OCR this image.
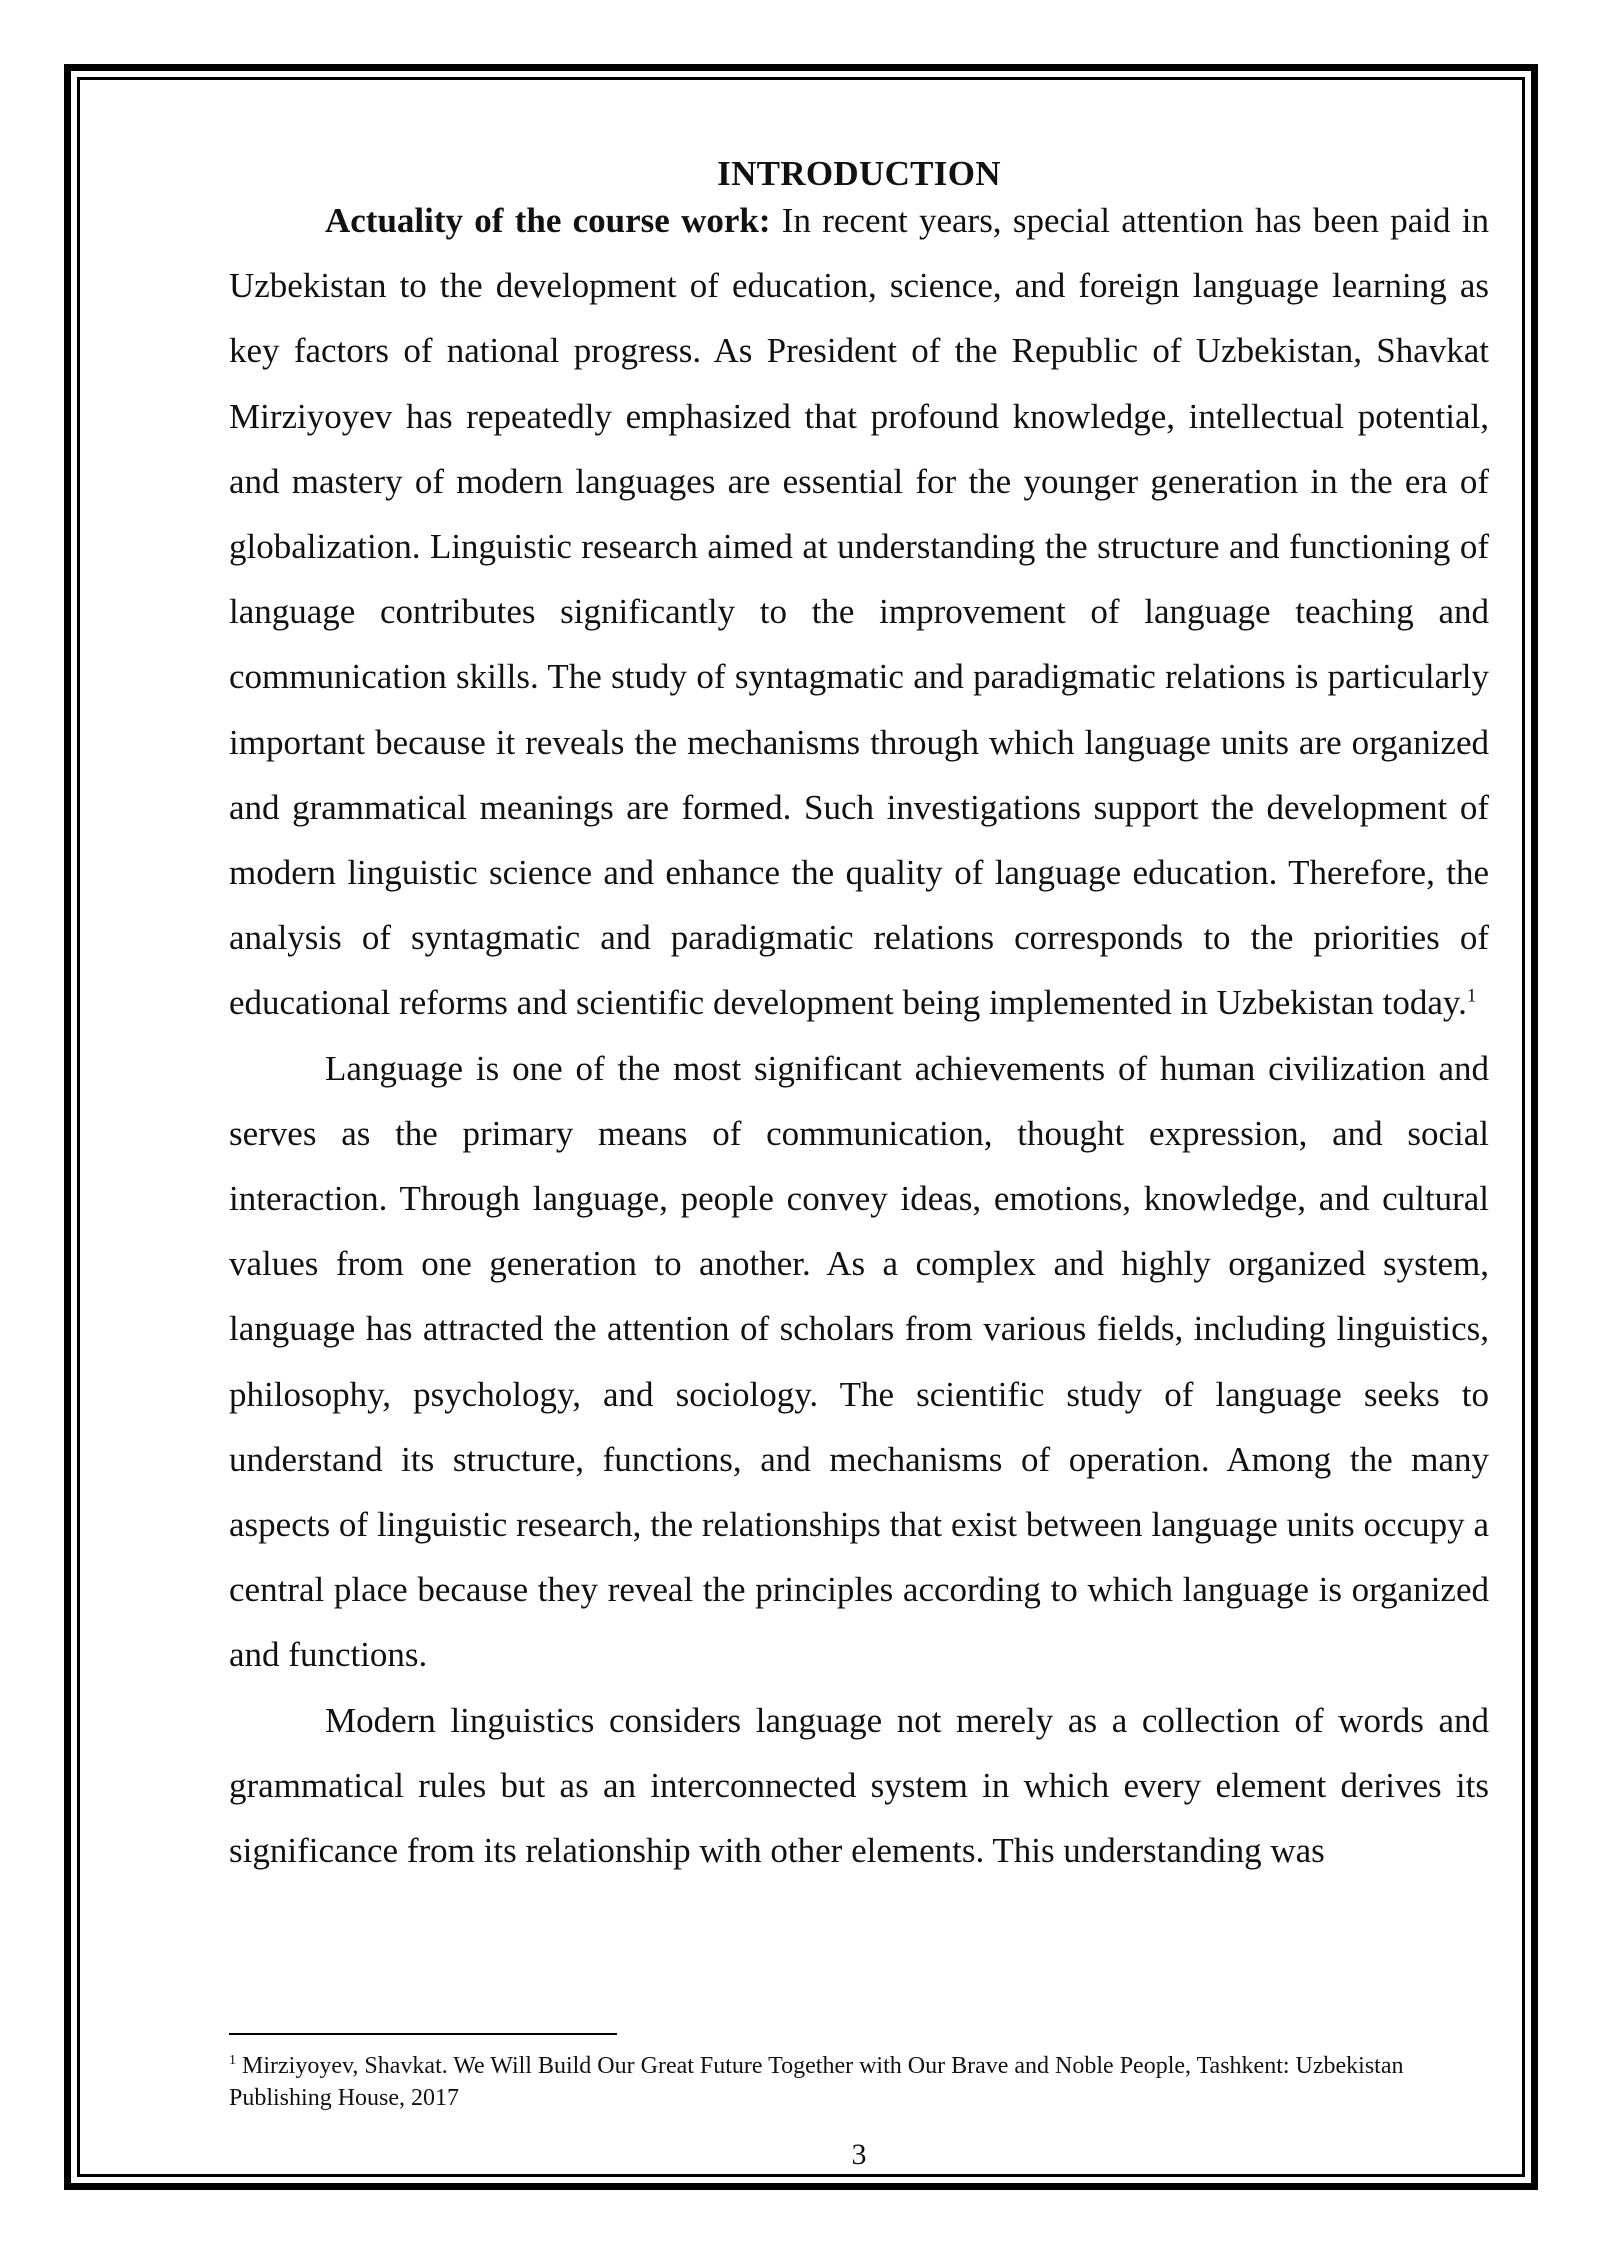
INTRODUCTION

Actuality of the course work: In recent years, special attention has been paid in Uzbekistan to the development of education, science, and foreign language learning as key factors of national progress. As President of the Republic of Uzbekistan, Shavkat Mirziyoyev has repeatedly emphasized that profound knowledge, intellectual potential, and mastery of modern languages are essential for the younger generation in the era of globalization. Linguistic research aimed at understanding the structure and functioning of language contributes significantly to the improvement of language teaching and communication skills. The study of syntagmatic and paradigmatic relations is particularly important because it reveals the mechanisms through which language units are organized and grammatical meanings are formed. Such investigations support the development of modern linguistic science and enhance the quality of language education. Therefore, the analysis of syntagmatic and paradigmatic relations corresponds to the priorities of educational reforms and scientific development being implemented in Uzbekistan today.$^1$

Language is one of the most significant achievements of human civilization and serves as the primary means of communication, thought expression, and social interaction. Through language, people convey ideas, emotions, knowledge, and cultural values from one generation to another. As a complex and highly organized system, language has attracted the attention of scholars from various fields, including linguistics, philosophy, psychology, and sociology. The scientific study of language seeks to understand its structure, functions, and mechanisms of operation. Among the many aspects of linguistic research, the relationships that exist between language units occupy a central place because they reveal the principles according to which language is organized and functions.

Modern linguistics considers language not merely as a collection of words and grammatical rules but as an interconnected system in which every element derives its significance from its relationship with other elements. This understanding was

$^1$ Mirziyoyev, Shavkat. We Will Build Our Great Future Together with Our Brave and Noble People, Tashkent: Uzbekistan Publishing House, 2017

3
